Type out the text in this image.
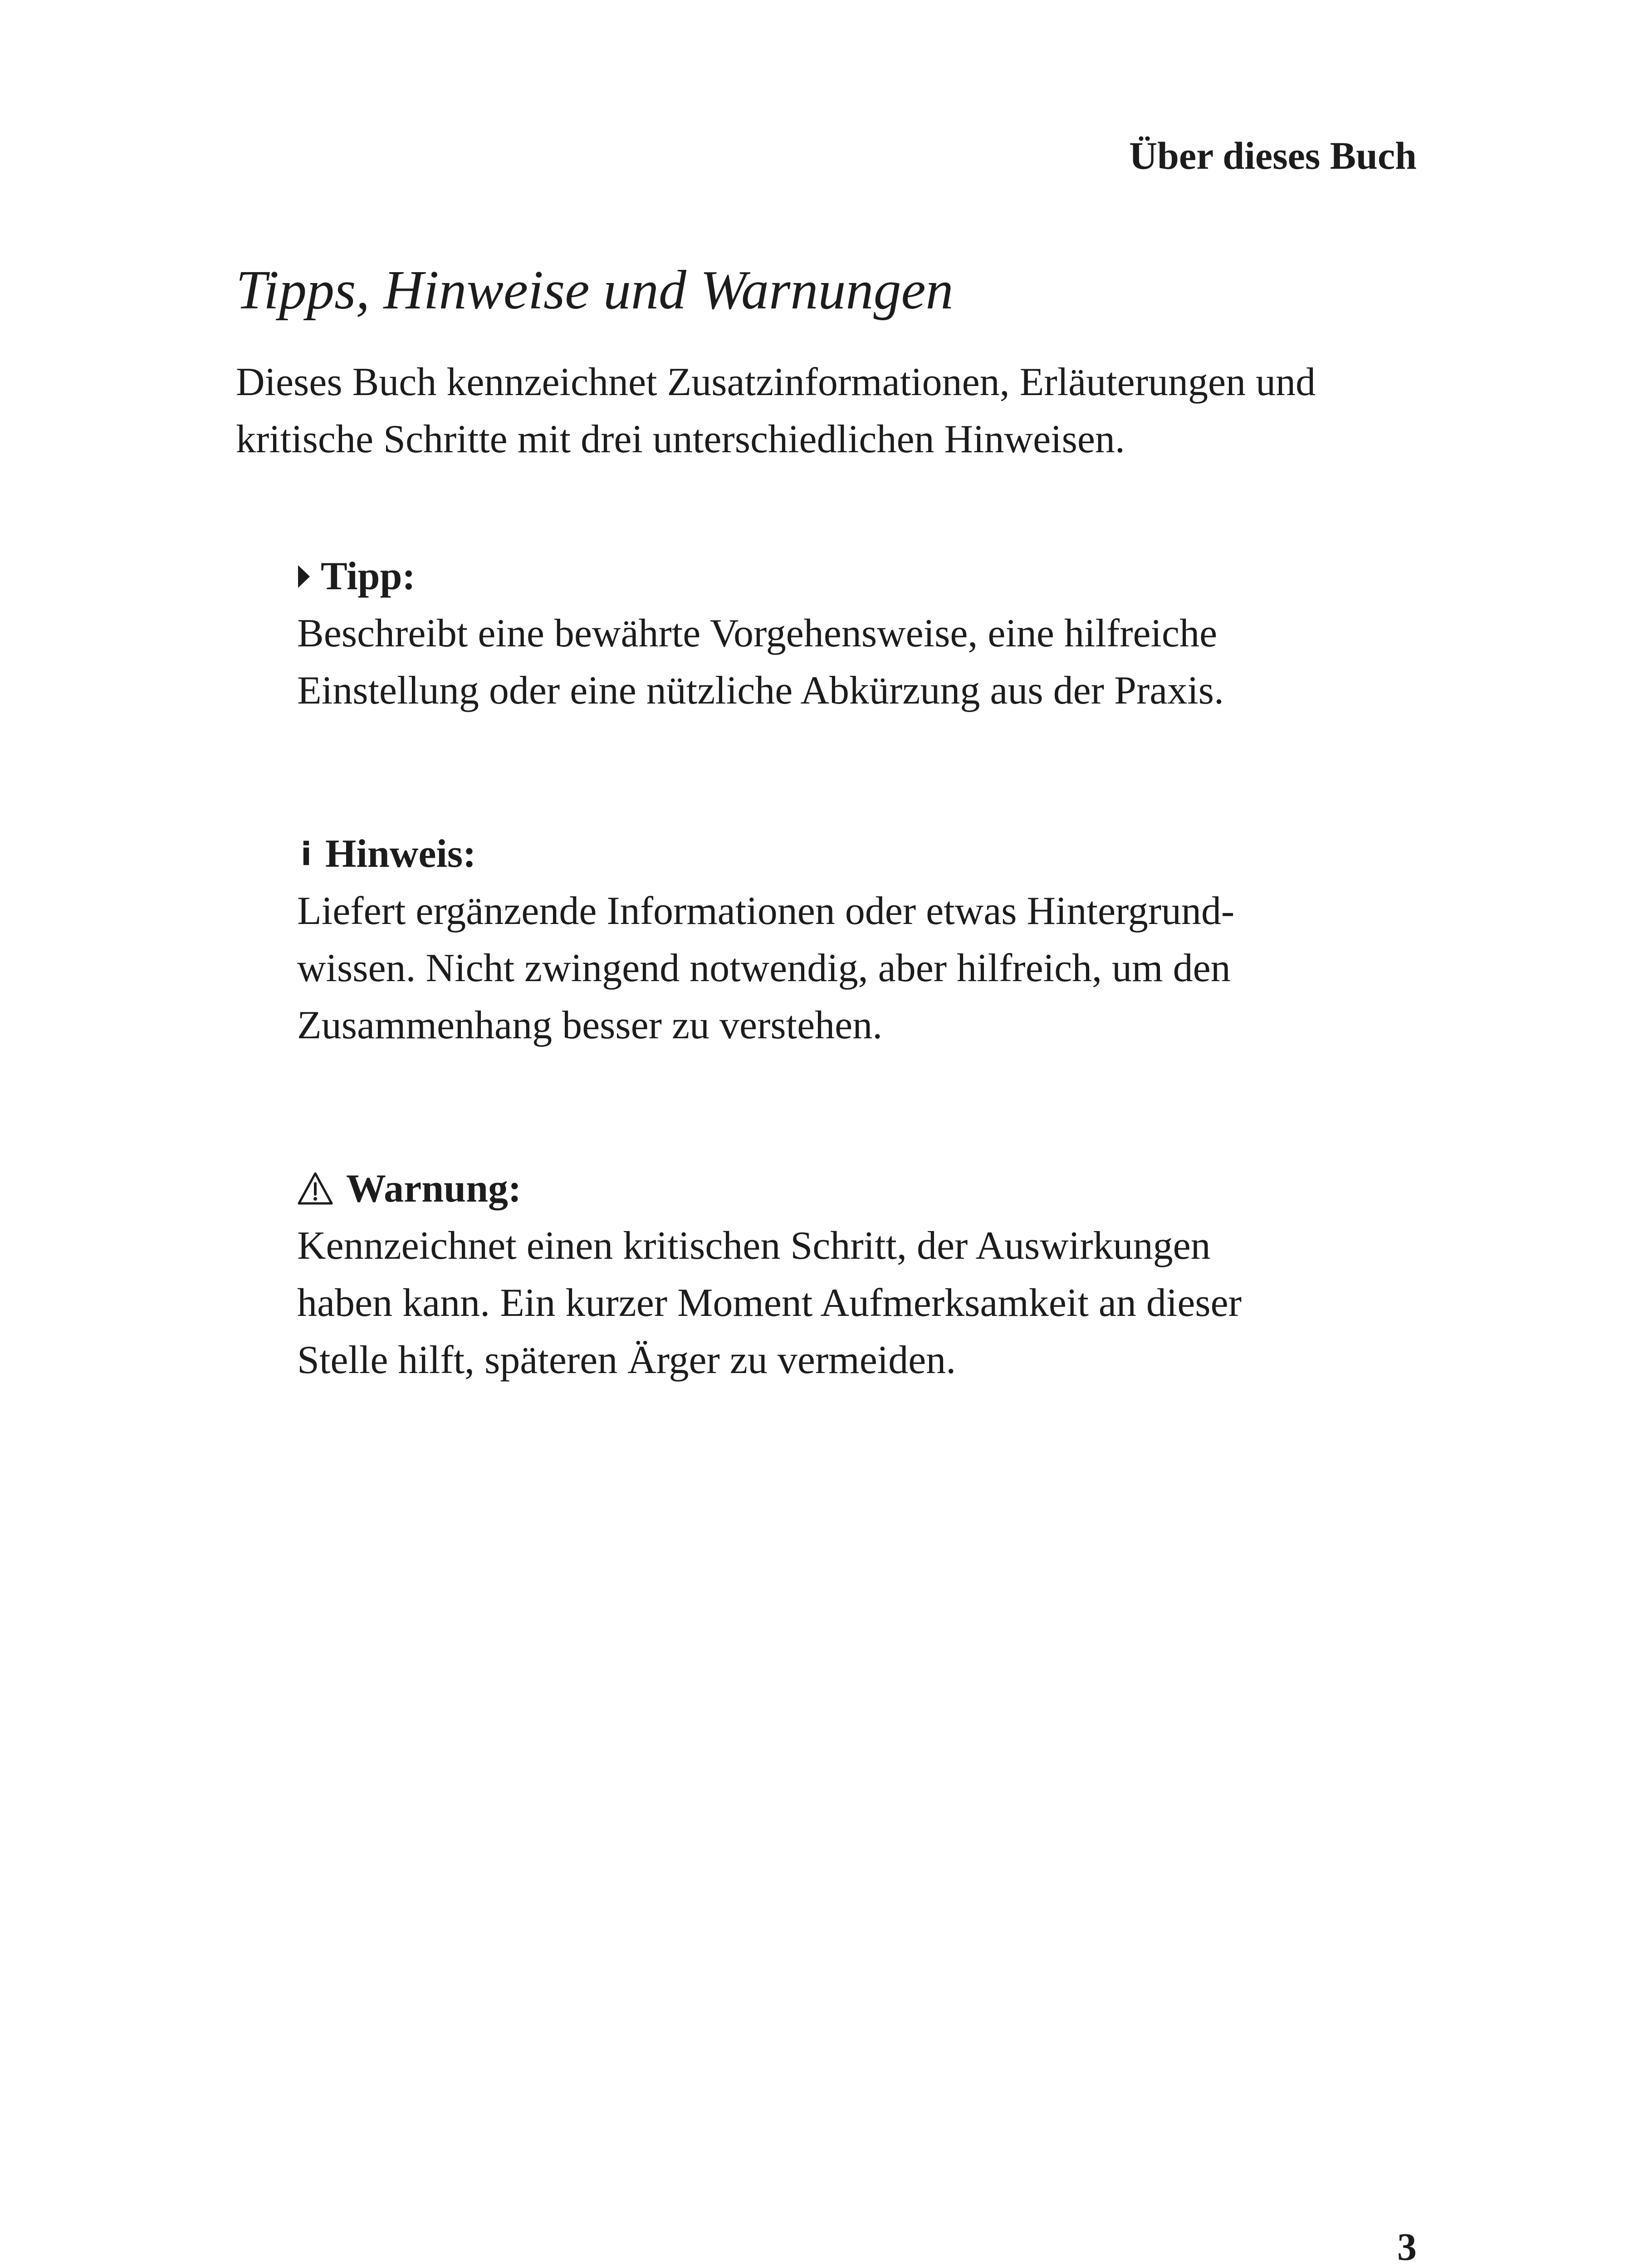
Über dieses Buch
Tipps, Hinweise und Warnungen

Dieses Buch kennzeichnet Zusatzinformationen, Erläuterungen und
kritische Schritte mit drei unterschiedlichen Hinweisen.

Tipp:
Beschreibt eine bewährte Vorgehensweise, eine hilfreiche
Einstellung oder eine nützliche Abkürzung aus der Praxis.
i Hinweis:
Liefert ergänzende Informationen oder etwas Hintergrund-
wissen. Nicht zwingend notwendig, aber hilfreich, um den
Zusammenhang besser zu verstehen.
Warnung:
Kennzeichnet einen kritischen Schritt, der Auswirkungen
haben kann. Ein kurzer Moment Aufmerksamkeit an dieser
Stelle hilft, späteren Ärger zu vermeiden.
3
